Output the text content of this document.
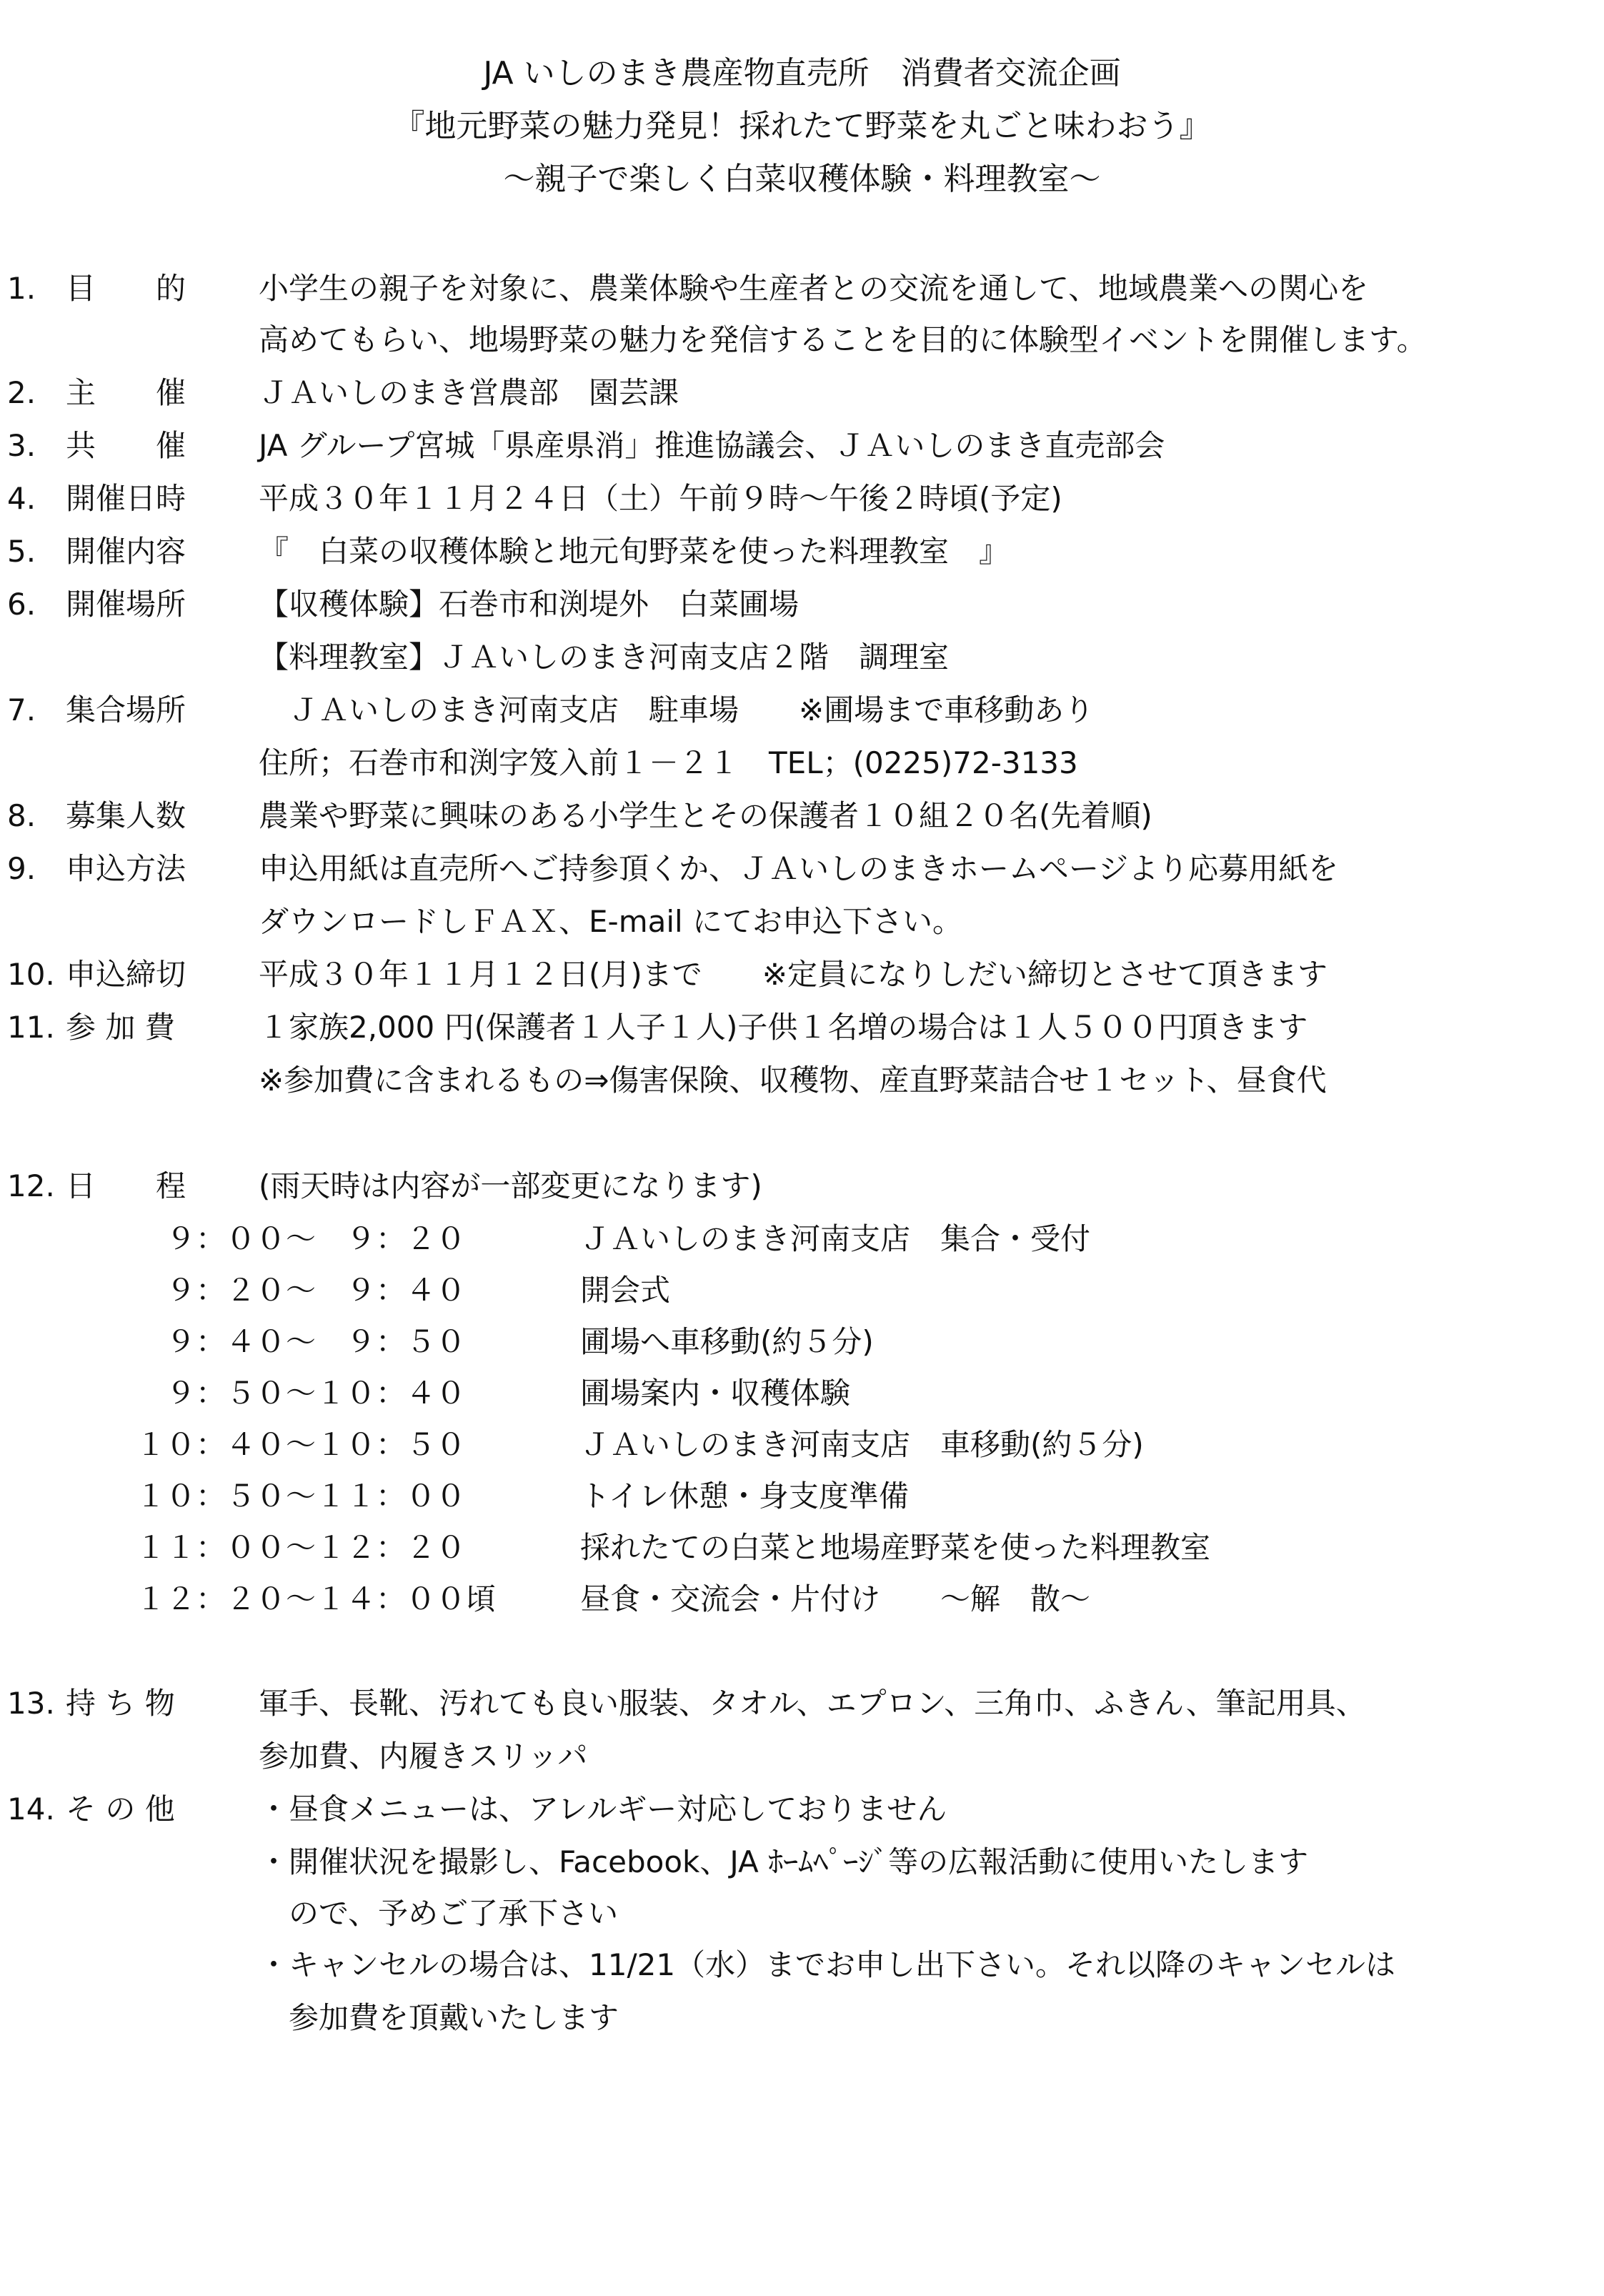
JA いしのまき農産物直売所　消費者交流企画
『地元野菜の魅力発見！採れたて野菜を丸ごと味わおう』
～親子で楽しく白菜収穫体験・料理教室～
1. 目　　的 小学生の親子を対象に、農業体験や生産者との交流を通して、地域農業への関心を
高めてもらい、地場野菜の魅力を発信することを目的に体験型イベントを開催します。
2. 主　　催 ＪＡいしのまき営農部　園芸課
3. 共　　催 JA グループ宮城「県産県消」推進協議会、ＪＡいしのまき直売部会
4. 開催日時 平成３０年１１月２４日（土）午前９時～午後２時頃(予定)
5. 開催内容 『　白菜の収穫体験と地元旬野菜を使った料理教室　』
6. 開催場所 【収穫体験】石巻市和渕堤外　白菜圃場
【料理教室】ＪＡいしのまき河南支店２階　調理室
7. 集合場所 　ＪＡいしのまき河南支店　駐車場　　※圃場まで車移動あり
住所；石巻市和渕字笈入前１－２１　TEL；(0225)72-3133
8. 募集人数 農業や野菜に興味のある小学生とその保護者１０組２０名(先着順)
9. 申込方法 申込用紙は直売所へご持参頂くか、ＪＡいしのまきホームページより応募用紙を
ダウンロードしＦＡＸ、E-mail にてお申込下さい。
10. 申込締切 平成３０年１１月１２日(月)まで　　※定員になりしだい締切とさせて頂きます
11. 参 加 費	１家族2,000 円(保護者１人子１人)子供１名増の場合は１人５００円頂きます
※参加費に含まれるもの⇒傷害保険、収穫物、産直野菜詰合せ１セット、昼食代
12. 日　　程 (雨天時は内容が一部変更になります)
　９：００～　９：２０	ＪＡいしのまき河南支店　集合・受付
　９：２０～　９：４０	開会式
　９：４０～　９：５０	圃場へ車移動(約５分)
　９：５０～１０：４０	圃場案内・収穫体験
１０：４０～１０：５０	ＪＡいしのまき河南支店　車移動(約５分)
１０：５０～１１：００	トイレ休憩・身支度準備
１１：００～１２：２０	採れたての白菜と地場産野菜を使った料理教室
１２：２０～１４：００頃	昼食・交流会・片付け　　～解　散～
13. 持 ち 物	軍手、長靴、汚れても良い服装、タオル、エプロン、三角巾、ふきん、筆記用具、
参加費、内履きスリッパ
14. そ の 他	・昼食メニューは、アレルギー対応しておりません
・開催状況を撮影し、Facebook、JA ﾎｰﾑﾍﾟｰｼﾞ等の広報活動に使用いたします
　ので、予めご了承下さい
・キャンセルの場合は、11/21（水）までお申し出下さい。それ以降のキャンセルは
　参加費を頂戴いたします
